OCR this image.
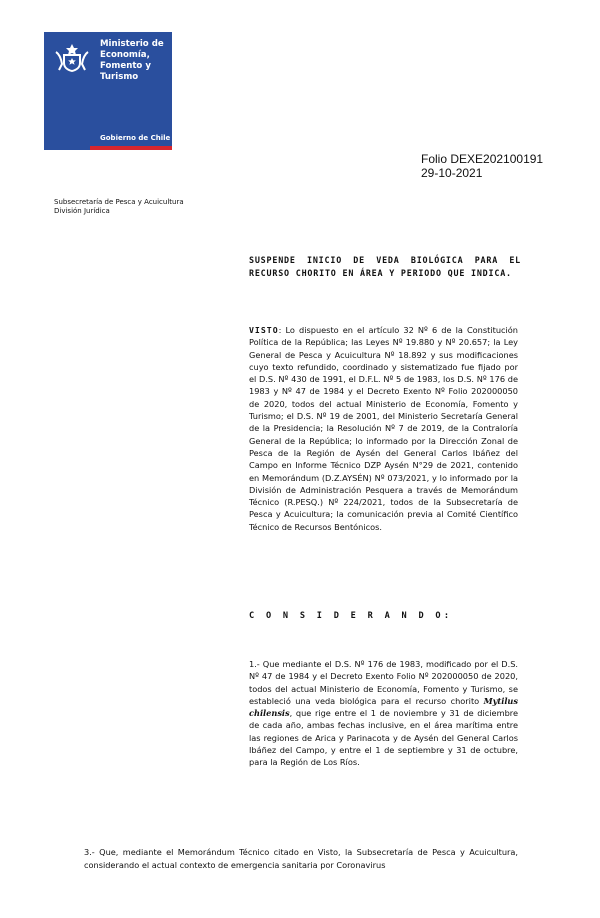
Ministerio de
Economía,
Fomento y
Turismo
Gobierno de Chile
Folio DEXE202100191
29-10-2021
Subsecretaría de Pesca y Acuicultura
División Jurídica
SUSPENDE INICIO DE VEDA BIOLÓGICA PARA EL RECURSO CHORITO EN ÁREA Y PERIODO QUE INDICA.
VISTO: Lo dispuesto en el artículo 32 Nº 6 de la Constitución Política de la República; las Leyes Nº 19.880 y Nº 20.657; la Ley General de Pesca y Acuicultura Nº 18.892 y sus modificaciones cuyo texto refundido, coordinado y sistematizado fue fijado por el D.S. Nº 430 de 1991, el D.F.L. Nº 5 de 1983, los D.S. Nº 176 de 1983 y Nº 47 de 1984 y el Decreto Exento Nº Folio 202000050 de 2020, todos del actual Ministerio de Economía, Fomento y Turismo; el D.S. Nº 19 de 2001, del Ministerio Secretaría General de la Presidencia; la Resolución Nº 7 de 2019, de la Contraloría General de la República; lo informado por la Dirección Zonal de Pesca de la Región de Aysén del General Carlos Ibáñez del Campo en Informe Técnico DZP Aysén N°29 de 2021, contenido en Memorándum (D.Z.AYSÉN) Nº 073/2021, y lo informado por la División de Administración Pesquera a través de Memorándum Técnico (R.PESQ.) Nº 224/2021, todos de la Subsecretaría de Pesca y Acuicultura; la comunicación previa al Comité Científico Técnico de Recursos Bentónicos.
C O N S I D E R A N D O:
1.- Que mediante el D.S. Nº 176 de 1983, modificado por el D.S. Nº 47 de 1984 y el Decreto Exento Folio Nº 202000050 de 2020, todos del actual Ministerio de Economía, Fomento y Turismo, se estableció una veda biológica para el recurso chorito Mytilus chilensis, que rige entre el 1 de noviembre y 31 de diciembre de cada año, ambas fechas inclusive, en el área marítima entre las regiones de Arica y Parinacota y de Aysén del General Carlos Ibáñez del Campo, y entre el 1 de septiembre y 31 de octubre, para la Región de Los Ríos.
3.- Que, mediante el Memorándum Técnico citado en Visto, la Subsecretaría de Pesca y Acuicultura, considerando el actual contexto de emergencia sanitaria por Coronavirus
